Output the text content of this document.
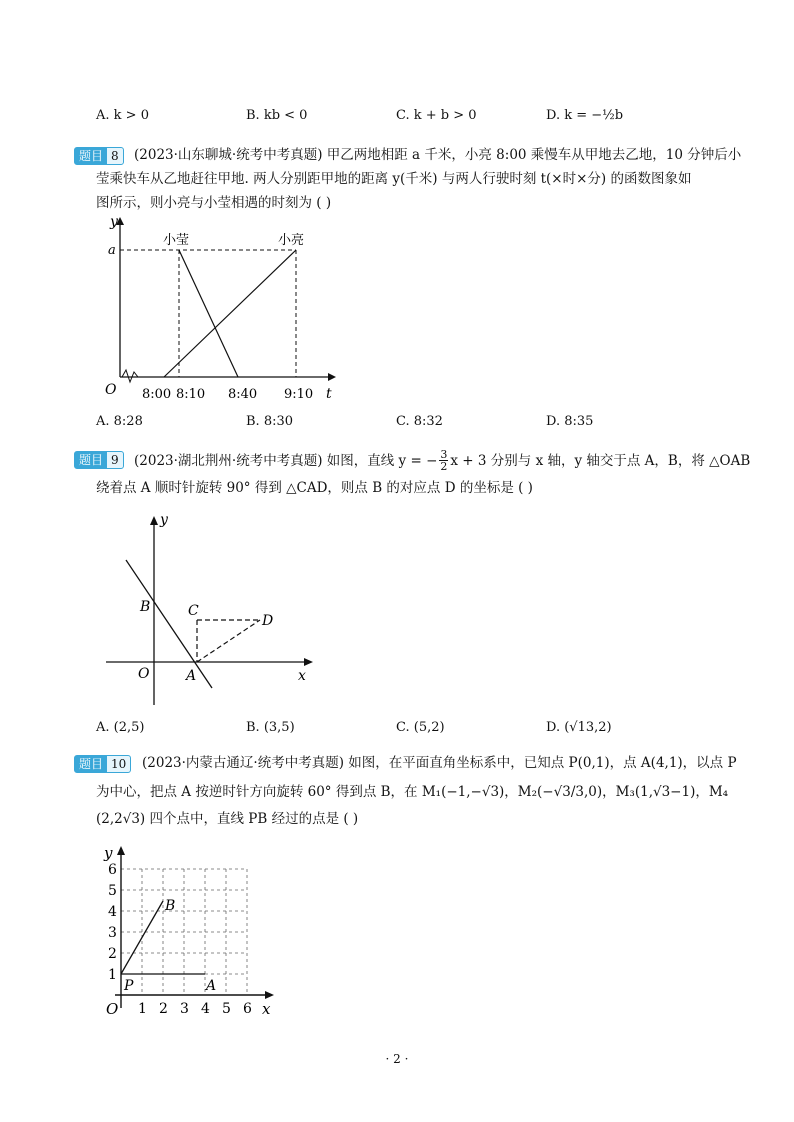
A. k > 0	B. kb < 0	C. k + b > 0	D. k = −½b
题目 8 (2023·山东聊城·统考中考真题) 甲乙两地相距 a 千米，小亮 8:00 乘慢车从甲地去乙地，10 分钟后小
莹乘快车从乙地赶往甲地. 两人分别距甲地的距离 y(千米) 与两人行驶时刻 t(×时×分) 的函数图象如
图所示，则小亮与小莹相遇的时刻为 ( )
y
a
O	t
小莹	小亮
8:00 8:10 8:40 9:10
A. 8:28	B. 8:30	C. 8:32	D. 8:35
题目 9 (2023·湖北荆州·统考中考真题) 如图，直线 y = − $\frac{3}{2}$ x + 3 分别与 x 轴，y 轴交于点 A，B，将 △OAB
绕着点 A 顺时针旋转 90° 得到 △CAD，则点 B 的对应点 D 的坐标是 ( )
y
x
O	A
B	C
D
A. (2,5)	B. (3,5)	C. (5,2)	D. (√13,2)
题目 10 (2023·内蒙古通辽·统考中考真题) 如图，在平面直角坐标系中，已知点 P(0,1)，点 A(4,1)，以点 P
为中心，把点 A 按逆时针方向旋转 60° 得到点 B，在 M₁(−1,−√3)，M₂(−√3/3,0)，M₃(1,√3−1)，M₄
(2,2√3) 四个点中，直线 PB 经过的点是 ( )
y
x
O
P	A
B
1 2 3 4 5 6
1
2
3
4
5
6
· 2 ·
